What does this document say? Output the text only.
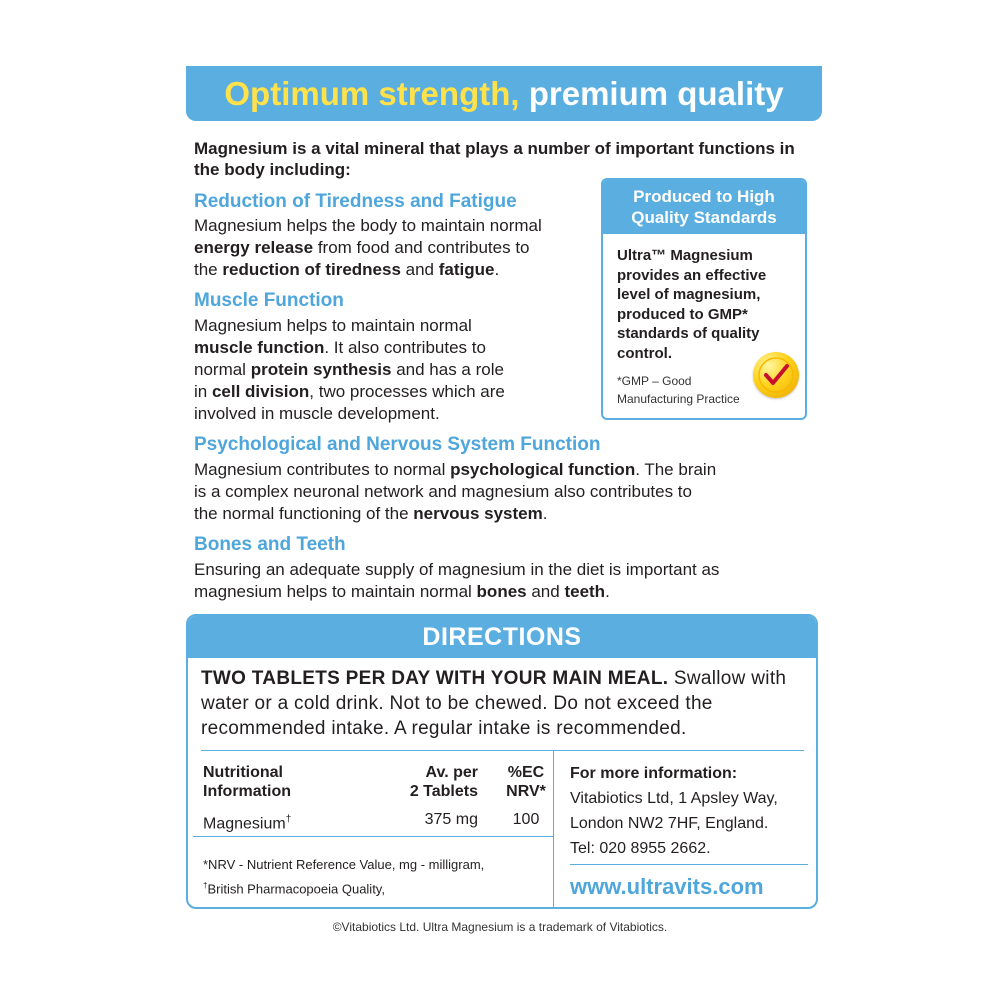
Optimum strength,
premium quality
Magnesium is a vital mineral that plays a number of important functions in the body including:
Reduction of Tiredness and Fatigue
Magnesium helps the body to maintain normal
energy release from food and contributes to
the reduction of tiredness and fatigue.
Muscle Function
Magnesium helps to maintain normal
muscle function. It also contributes to
normal protein synthesis and has a role
in cell division, two processes which are
involved in muscle development.
Psychological and Nervous System Function
Magnesium contributes to normal psychological function. The brain
is a complex neuronal network and magnesium also contributes to
the normal functioning of the nervous system.
Bones and Teeth
Ensuring an adequate supply of magnesium in the diet is important as
magnesium helps to maintain normal bones and teeth.
Produced to High Quality Standards
Ultra™ Magnesium provides an effective level of magnesium, produced to GMP* standards of quality control.
*GMP – Good
Manufacturing Practice
DIRECTIONS
TWO TABLETS PER DAY WITH YOUR MAIN MEAL. Swallow with water or a cold drink. Not to be chewed. Do not exceed the recommended intake. A regular intake is recommended.
Nutritional
Information
Av. per
2 Tablets
%EC
NRV*
Magnesium†	375 mg	100
*NRV - Nutrient Reference Value, mg - milligram,
†British Pharmacopoeia Quality,
For more information:
Vitabiotics Ltd, 1 Apsley Way,
London NW2 7HF, England.
Tel: 020 8955 2662.
www.ultravits.com
©Vitabiotics Ltd. Ultra Magnesium is a trademark of Vitabiotics.
